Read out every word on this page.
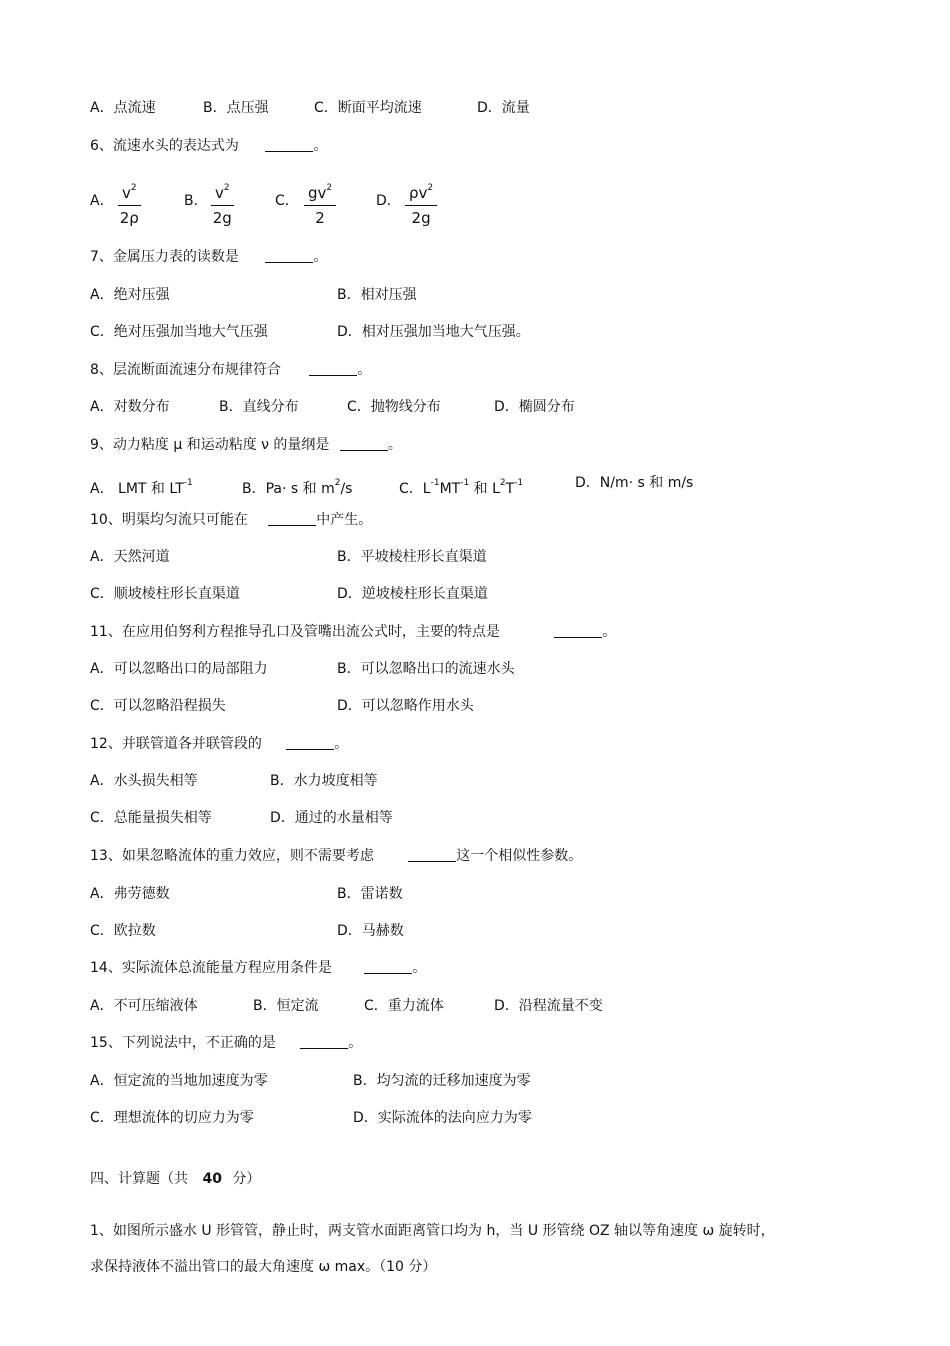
A．点流速	B．点压强	C．断面平均流速	D．流量
6、流速水头的表达式为	。
A． $\frac{v^2}{2\rho}$	B． $\frac{v^2}{2g}$	C． $\frac{gv^2}{2}$	D． $\frac{\rho v^2}{2g}$
7、金属压力表的读数是	。
A．绝对压强	B．相对压强
C．绝对压强加当地大气压强	D．相对压强加当地大气压强。
8、层流断面流速分布规律符合	。
A．对数分布	B．直线分布	C．抛物线分布	D．椭圆分布
9、动力粘度 μ 和运动粘度 ν 的量纲是	。
A． LMT 和 $LT^{-1}$	B．Pa· s 和 $m^2/s$	C．$L^{-1}MT^{-1}$ 和 $L^2T^{-1}$	D．N/m· s 和 m/s
10、明渠均匀流只可能在	中产生。
A．天然河道	B．平坡棱柱形长直渠道
C．顺坡棱柱形长直渠道	D．逆坡棱柱形长直渠道
11、在应用伯努利方程推导孔口及管嘴出流公式时，主要的特点是	。
A．可以忽略出口的局部阻力	B．可以忽略出口的流速水头
C．可以忽略沿程损失	D．可以忽略作用水头
12、并联管道各并联管段的	。
A．水头损失相等	B．水力坡度相等
C．总能量损失相等	D．通过的水量相等
13、如果忽略流体的重力效应，则不需要考虑	这一个相似性参数。
A．弗劳德数	B．雷诺数
C．欧拉数	D．马赫数
14、实际流体总流能量方程应用条件是	。
A．不可压缩液体	B．恒定流	C．重力流体	D．沿程流量不变
15、下列说法中，不正确的是	。
A．恒定流的当地加速度为零	B．均匀流的迁移加速度为零
C．理想流体的切应力为零	D．实际流体的法向应力为零
四、计算题（共 40 分）
1、如图所示盛水 U 形管管，静止时，两支管水面距离管口均为 h，当 U 形管绕 OZ 轴以等角速度 ω 旋转时，
求保持液体不溢出管口的最大角速度 ω max。（10 分）
